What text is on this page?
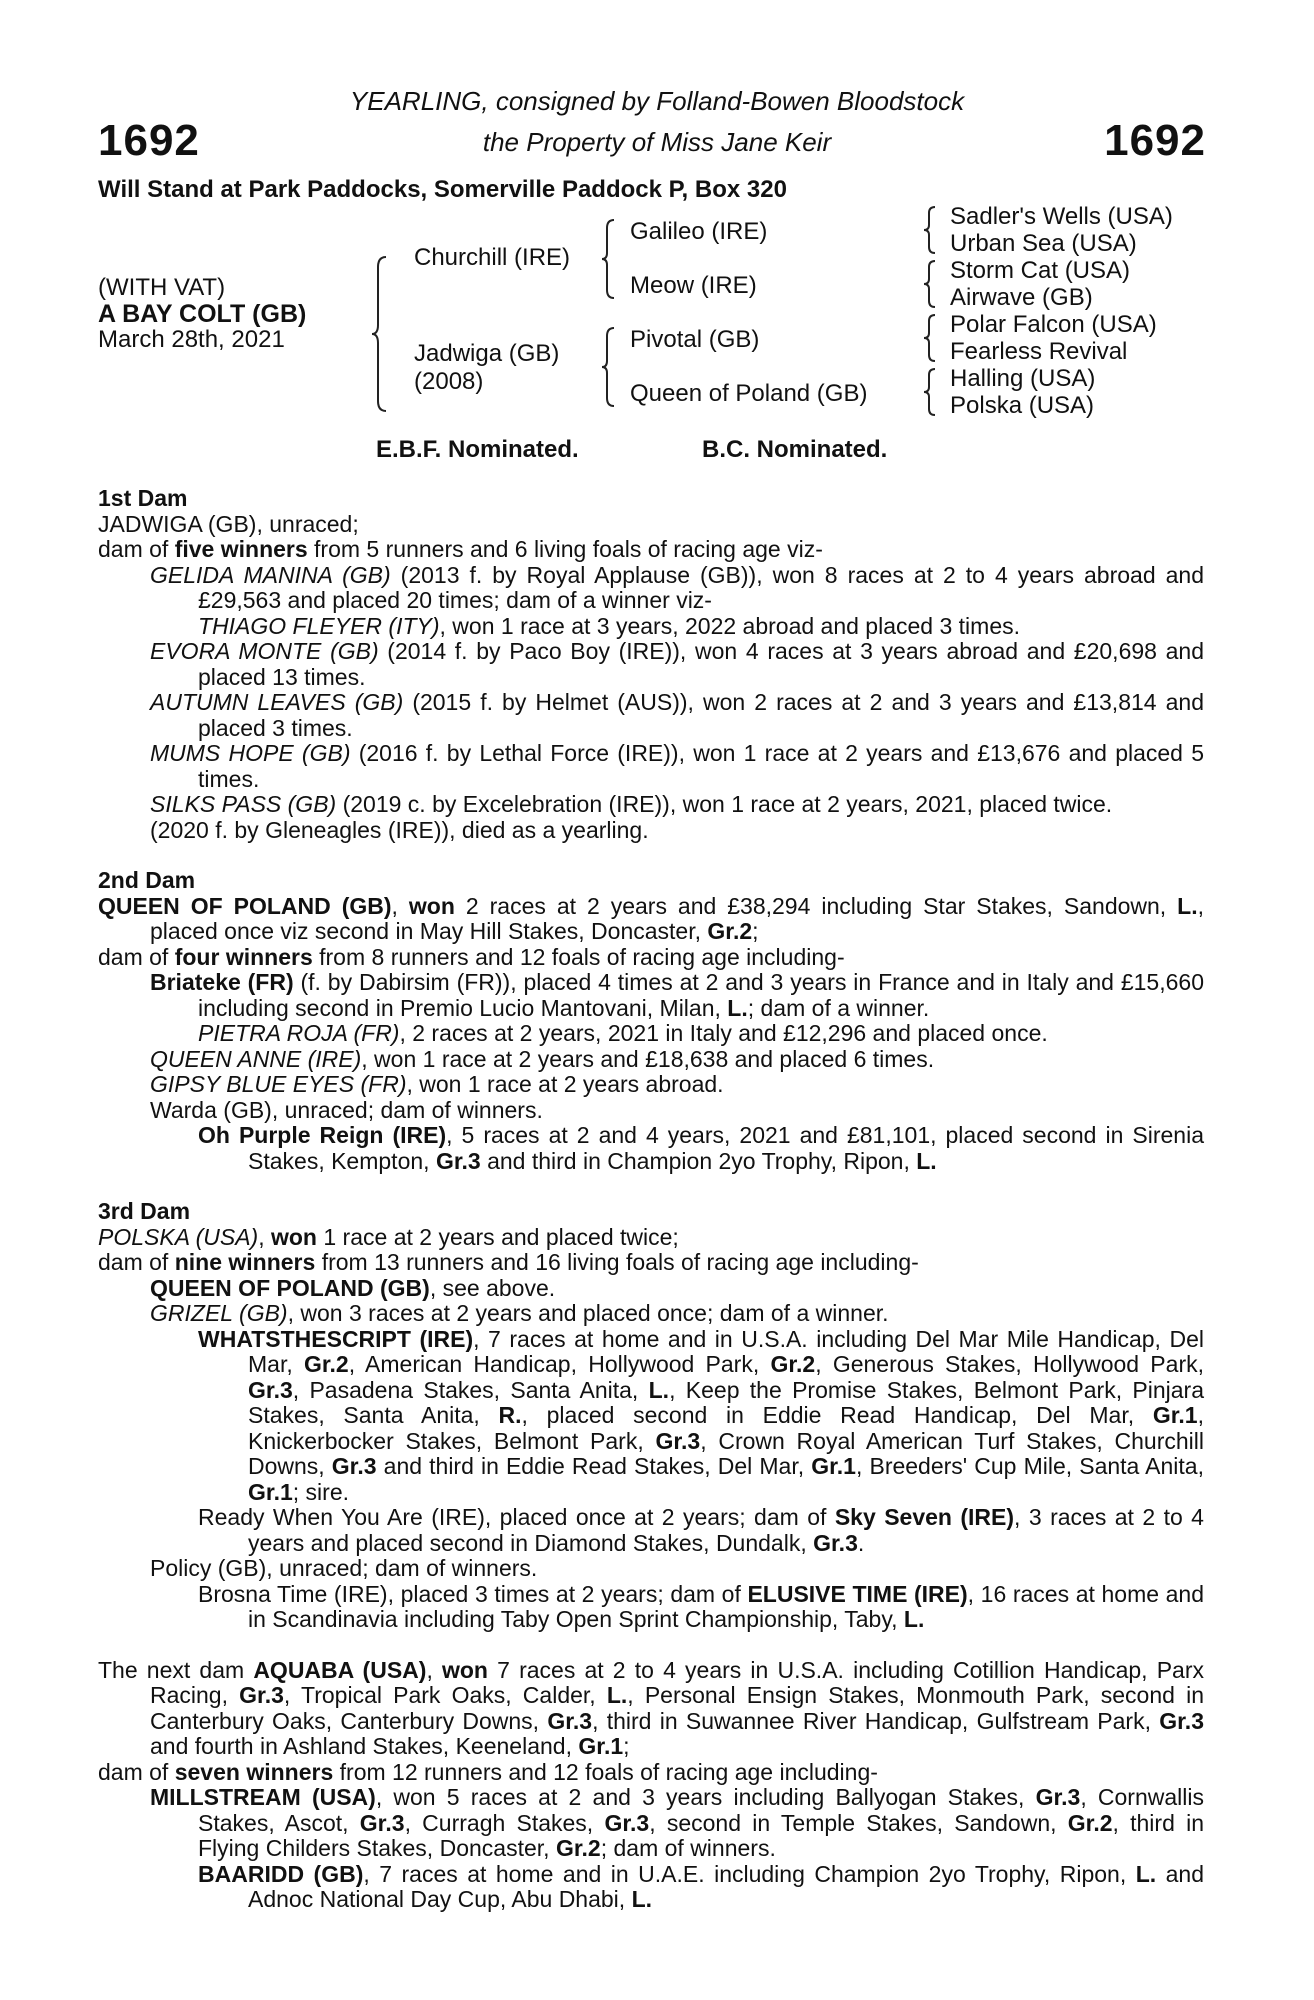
1692	1692
YEARLING, consigned by Folland-Bowen Bloodstock
the Property of Miss Jane Keir
Will Stand at Park Paddocks, Somerville Paddock P, Box 320
(WITH VAT)
A BAY COLT (GB)
March 28th, 2021
Churchill (IRE)
Jadwiga (GB)
(2008)
Galileo (IRE)
Meow (IRE)
Pivotal (GB)
Queen of Poland (GB)
Sadler's Wells (USA)
Urban Sea (USA)
Storm Cat (USA)
Airwave (GB)
Polar Falcon (USA)
Fearless Revival
Halling (USA)
Polska (USA)
E.B.F. Nominated.	B.C. Nominated.

1st Dam

JADWIGA (GB), unraced;

dam of five winners from 5 runners and 6 living foals of racing age viz-

GELIDA MANINA (GB) (2013 f. by Royal Applause (GB)), won 8 races at 2 to 4 years abroad and £29,563 and placed 20 times; dam of a winner viz-

THIAGO FLEYER (ITY), won 1 race at 3 years, 2022 abroad and placed 3 times.

EVORA MONTE (GB) (2014 f. by Paco Boy (IRE)), won 4 races at 3 years abroad and £20,698 and placed 13 times.

AUTUMN LEAVES (GB) (2015 f. by Helmet (AUS)), won 2 races at 2 and 3 years and £13,814 and placed 3 times.

MUMS HOPE (GB) (2016 f. by Lethal Force (IRE)), won 1 race at 2 years and £13,676 and placed 5 times.

SILKS PASS (GB) (2019 c. by Excelebration (IRE)), won 1 race at 2 years, 2021, placed twice.

(2020 f. by Gleneagles (IRE)), died as a yearling.

2nd Dam

QUEEN OF POLAND (GB), won 2 races at 2 years and £38,294 including Star Stakes, Sandown, L., placed once viz second in May Hill Stakes, Doncaster, Gr.2;

dam of four winners from 8 runners and 12 foals of racing age including-

Briateke (FR) (f. by Dabirsim (FR)), placed 4 times at 2 and 3 years in France and in Italy and £15,660 including second in Premio Lucio Mantovani, Milan, L.; dam of a winner.

PIETRA ROJA (FR), 2 races at 2 years, 2021 in Italy and £12,296 and placed once.

QUEEN ANNE (IRE), won 1 race at 2 years and £18,638 and placed 6 times.

GIPSY BLUE EYES (FR), won 1 race at 2 years abroad.

Warda (GB), unraced; dam of winners.

Oh Purple Reign (IRE), 5 races at 2 and 4 years, 2021 and £81,101, placed second in Sirenia Stakes, Kempton, Gr.3 and third in Champion 2yo Trophy, Ripon, L.

3rd Dam

POLSKA (USA), won 1 race at 2 years and placed twice;

dam of nine winners from 13 runners and 16 living foals of racing age including-

QUEEN OF POLAND (GB), see above.

GRIZEL (GB), won 3 races at 2 years and placed once; dam of a winner.

WHATSTHESCRIPT (IRE), 7 races at home and in U.S.A. including Del Mar Mile Handicap, Del Mar, Gr.2, American Handicap, Hollywood Park, Gr.2, Generous Stakes, Hollywood Park, Gr.3, Pasadena Stakes, Santa Anita, L., Keep the Promise Stakes, Belmont Park, Pinjara Stakes, Santa Anita, R., placed second in Eddie Read Handicap, Del Mar, Gr.1, Knickerbocker Stakes, Belmont Park, Gr.3, Crown Royal American Turf Stakes, Churchill Downs, Gr.3 and third in Eddie Read Stakes, Del Mar, Gr.1, Breeders' Cup Mile, Santa Anita, Gr.1; sire.

Ready When You Are (IRE), placed once at 2 years; dam of Sky Seven (IRE), 3 races at 2 to 4 years and placed second in Diamond Stakes, Dundalk, Gr.3.

Policy (GB), unraced; dam of winners.

Brosna Time (IRE), placed 3 times at 2 years; dam of ELUSIVE TIME (IRE), 16 races at home and in Scandinavia including Taby Open Sprint Championship, Taby, L.

The next dam AQUABA (USA), won 7 races at 2 to 4 years in U.S.A. including Cotillion Handicap, Parx Racing, Gr.3, Tropical Park Oaks, Calder, L., Personal Ensign Stakes, Monmouth Park, second in Canterbury Oaks, Canterbury Downs, Gr.3, third in Suwannee River Handicap, Gulfstream Park, Gr.3 and fourth in Ashland Stakes, Keeneland, Gr.1;

dam of seven winners from 12 runners and 12 foals of racing age including-

MILLSTREAM (USA), won 5 races at 2 and 3 years including Ballyogan Stakes, Gr.3, Cornwallis Stakes, Ascot, Gr.3, Curragh Stakes, Gr.3, second in Temple Stakes, Sandown, Gr.2, third in Flying Childers Stakes, Doncaster, Gr.2; dam of winners.

BAARIDD (GB), 7 races at home and in U.A.E. including Champion 2yo Trophy, Ripon, L. and Adnoc National Day Cup, Abu Dhabi, L.
